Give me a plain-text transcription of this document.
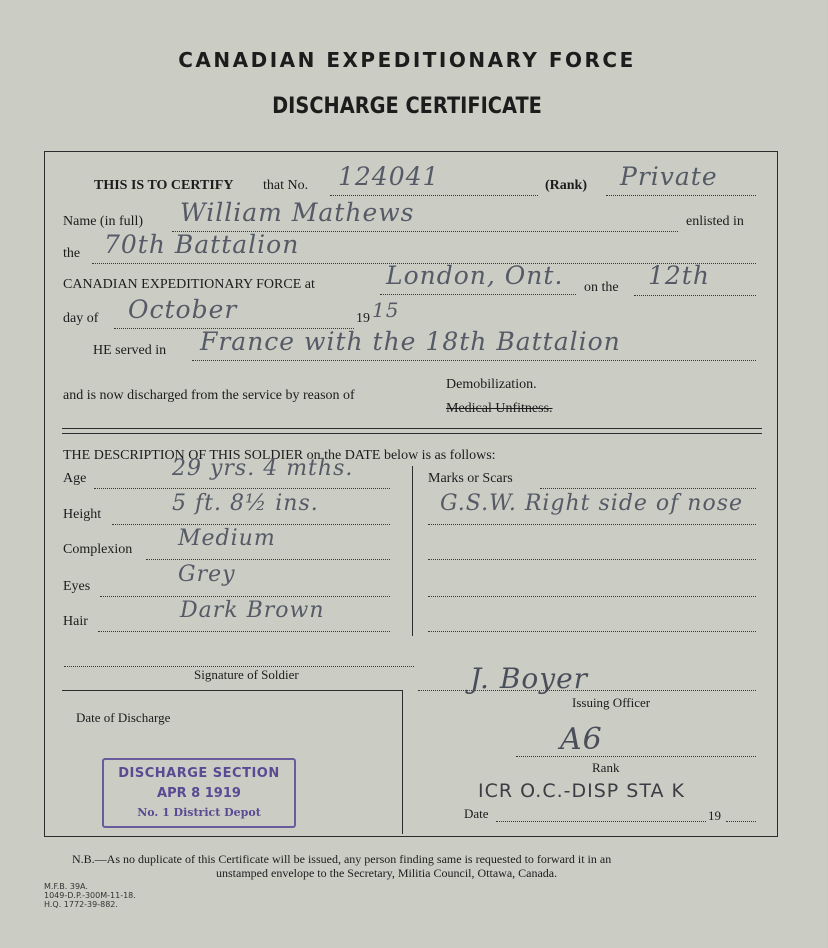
CANADIAN EXPEDITIONARY FORCE
DISCHARGE CERTIFICATE
THIS IS TO CERTIFY that No. 124041	(Rank) Private
Name (in full) William Mathews	enlisted in
the 70th Battalion
CANADIAN EXPEDITIONARY FORCE at	London, Ont. on the 12th
day of October	19 15
HE served in France with the 18th Battalion
and is now discharged from the service by reason of
Demobilization.
Medical Unfitness.
THE DESCRIPTION OF THIS SOLDIER on the DATE below is as follows:
Age	29 yrs. 4 mths.
Height	5 ft. 8½ ins.
Complexion Medium
Eyes	Grey
Hair	Dark Brown
Marks or Scars
G.S.W. Right side of nose
Signature of Soldier
Date of Discharge
DISCHARGE SECTION
APR 8 1919
No. 1 District Depot
J. Boyer
Issuing Officer
A6
Rank
ICR O.C.-DISP STA K
Date	19
N.B.—As no duplicate of this Certificate will be issued, any person finding same is requested to forward it in an
unstamped envelope to the Secretary, Militia Council, Ottawa, Canada.
M.F.B. 39A.
1049-D.P.-300M-11-18.
H.Q. 1772-39-882.
